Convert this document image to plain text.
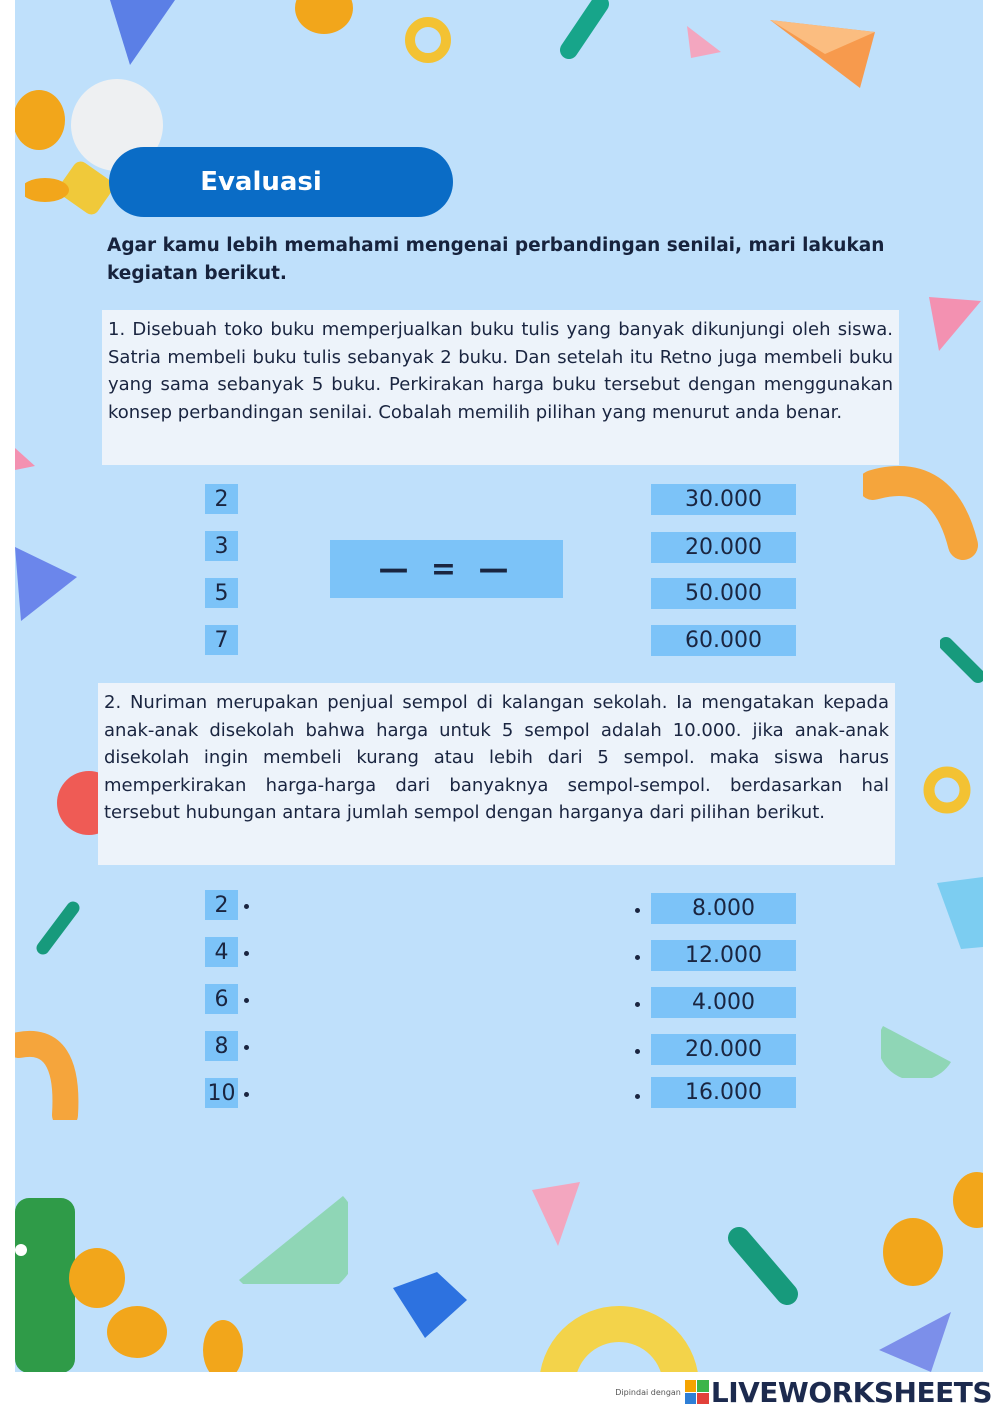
Evaluasi
Agar kamu lebih memahami mengenai perbandingan senilai, mari lakukan kegiatan berikut.
1. Disebuah toko buku memperjualkan buku tulis yang banyak dikunjungi oleh siswa. Satria membeli buku tulis sebanyak 2 buku. Dan setelah itu Retno juga membeli buku yang sama sebanyak 5 buku. Perkirakan harga buku tersebut dengan menggunakan konsep perbandingan senilai. Cobalah memilih pilihan yang menurut anda benar.
2
3
5
7
— = —
30.000
20.000
50.000
60.000
2. Nuriman merupakan penjual sempol di kalangan sekolah. Ia mengatakan kepada anak-anak disekolah bahwa harga untuk 5 sempol adalah 10.000. jika anak-anak disekolah ingin membeli kurang atau lebih dari 5 sempol. maka siswa harus memperkirakan harga-harga dari banyaknya sempol-sempol. berdasarkan hal tersebut hubungan antara jumlah sempol dengan harganya dari pilihan berikut.
2
4
6
8
10
8.000
12.000
4.000
20.000
16.000
Dipindai dengan LIVEWORKSHEETS
